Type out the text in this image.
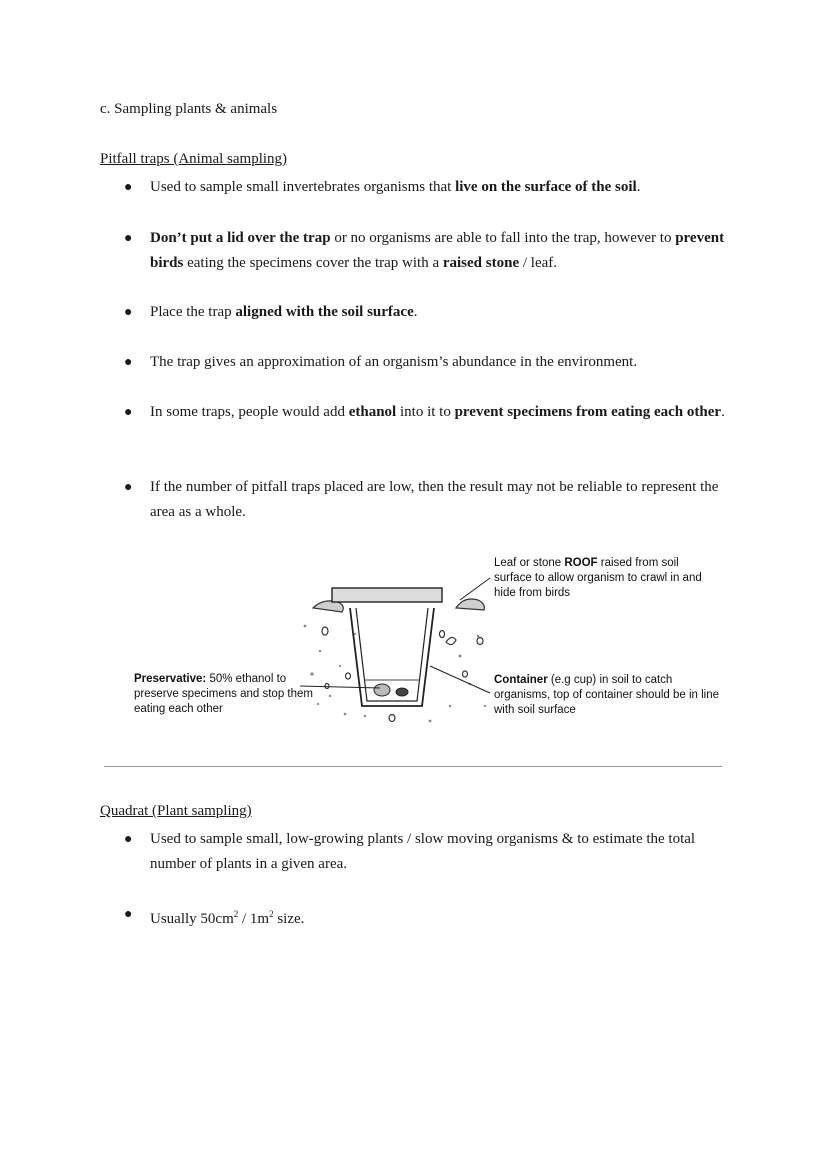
c. Sampling plants & animals
Pitfall traps (Animal sampling)
● Used to sample small invertebrates organisms that live on the surface of the soil.
● Don’t put a lid over the trap or no organisms are able to fall into the trap, however to prevent birds eating the specimens cover the trap with a raised stone / leaf.
● Place the trap aligned with the soil surface.
● The trap gives an approximation of an organism’s abundance in the environment.
● In some traps, people would add ethanol into it to prevent specimens from eating each other.
● If the number of pitfall traps placed are low, then the result may not be reliable to represent the area as a whole.
Leaf or stone ROOF raised from soil surface to allow organism to crawl in and hide from birds
Preservative: 50% ethanol to preserve specimens and stop them eating each other
Container (e.g cup) in soil to catch organisms, top of container should be in line with soil surface
Quadrat (Plant sampling)
● Used to sample small, low-growing plants / slow moving organisms & to estimate the total number of plants in a given area.
● Usually $50cm^2 / 1m^2$ size.
